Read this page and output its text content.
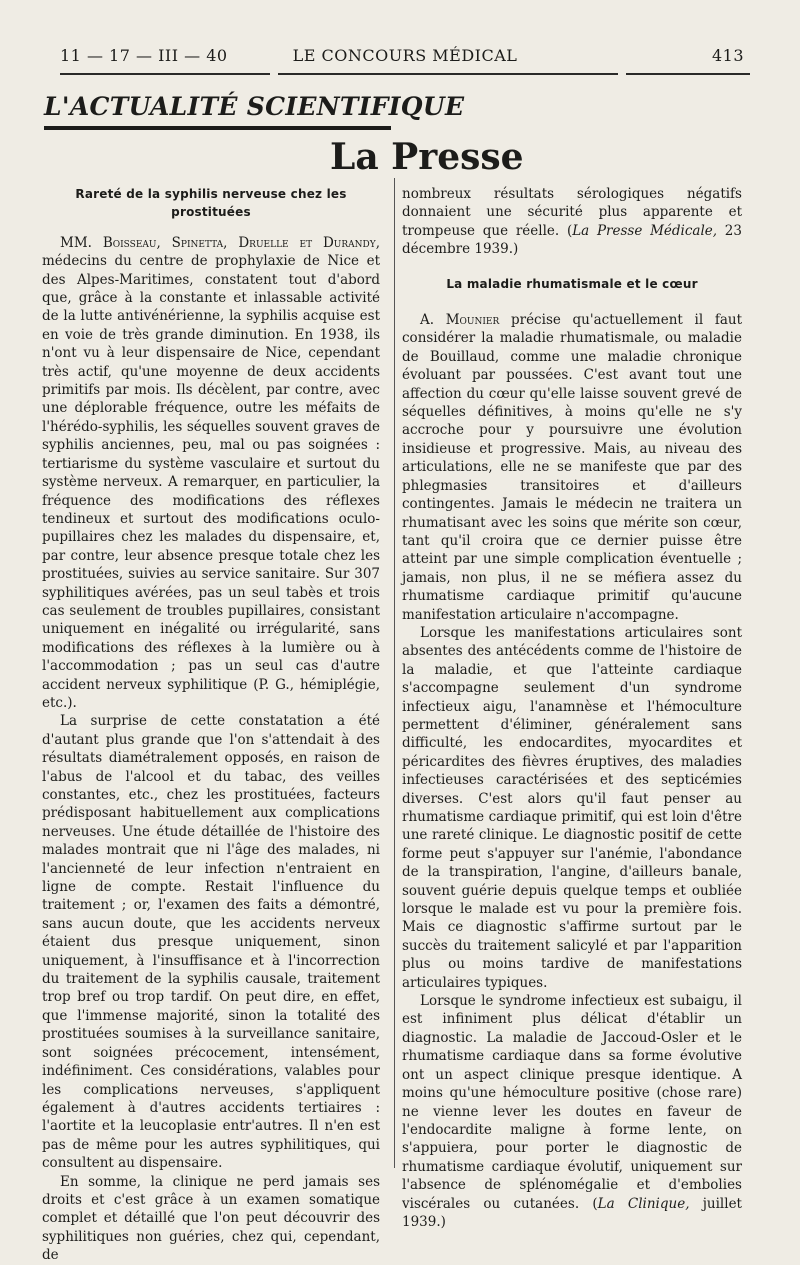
11 — 17 — III — 40	LE CONCOURS MÉDICAL	413
L'ACTUALITÉ SCIENTIFIQUE
La Presse
Rareté de la syphilis nerveuse chez les prostituées

MM. Boisseau, Spinetta, Druelle et Durandy, médecins du centre de prophylaxie de Nice et des Alpes-Maritimes, constatent tout d'abord que, grâce à la constante et inlassable activité de la lutte antivénérienne, la syphilis acquise est en voie de très grande diminution. En 1938, ils n'ont vu à leur dispensaire de Nice, cependant très actif, qu'une moyenne de deux accidents primitifs par mois. Ils décèlent, par contre, avec une déplorable fréquence, outre les méfaits de l'hérédo-syphilis, les séquelles souvent graves de syphilis anciennes, peu, mal ou pas soignées : tertiarisme du système vasculaire et surtout du système nerveux. A remarquer, en particulier, la fréquence des modifications des réflexes tendineux et surtout des modifications oculo-pupillaires chez les malades du dispensaire, et, par contre, leur absence presque totale chez les prostituées, suivies au service sanitaire. Sur 307 syphilitiques avérées, pas un seul tabès et trois cas seulement de troubles pupillaires, consistant uniquement en inégalité ou irrégularité, sans modifications des réflexes à la lumière ou à l'accommodation ; pas un seul cas d'autre accident nerveux syphilitique (P. G., hémiplégie, etc.).

La surprise de cette constatation a été d'autant plus grande que l'on s'attendait à des résultats diamétralement opposés, en raison de l'abus de l'alcool et du tabac, des veilles constantes, etc., chez les prostituées, facteurs prédisposant habituellement aux complications nerveuses. Une étude détaillée de l'histoire des malades montrait que ni l'âge des malades, ni l'ancienneté de leur infection n'entraient en ligne de compte. Restait l'influence du traitement ; or, l'examen des faits a démontré, sans aucun doute, que les accidents nerveux étaient dus presque uniquement, sinon uniquement, à l'insuffisance et à l'incorrection du traitement de la syphilis causale, traitement trop bref ou trop tardif. On peut dire, en effet, que l'immense majorité, sinon la totalité des prostituées soumises à la surveillance sanitaire, sont soignées précocement, intensément, indéfiniment. Ces considérations, valables pour les complications nerveuses, s'appliquent également à d'autres accidents tertiaires : l'aortite et la leucoplasie entr'autres. Il n'en est pas de même pour les autres syphilitiques, qui consultent au dispensaire.

En somme, la clinique ne perd jamais ses droits et c'est grâce à un examen somatique complet et détaillé que l'on peut découvrir des syphilitiques non guéries, chez qui, cependant, de

nombreux résultats sérologiques négatifs donnaient une sécurité plus apparente et trompeuse que réelle. (La Presse Médicale, 23 décembre 1939.)

La maladie rhumatismale et le cœur

A. Mounier précise qu'actuellement il faut considérer la maladie rhumatismale, ou maladie de Bouillaud, comme une maladie chronique évoluant par poussées. C'est avant tout une affection du cœur qu'elle laisse souvent grevé de séquelles définitives, à moins qu'elle ne s'y accroche pour y poursuivre une évolution insidieuse et progressive. Mais, au niveau des articulations, elle ne se manifeste que par des phlegmasies transitoires et d'ailleurs contingentes. Jamais le médecin ne traitera un rhumatisant avec les soins que mérite son cœur, tant qu'il croira que ce dernier puisse être atteint par une simple complication éventuelle ; jamais, non plus, il ne se méfiera assez du rhumatisme cardiaque primitif qu'aucune manifestation articulaire n'accompagne.

Lorsque les manifestations articulaires sont absentes des antécédents comme de l'histoire de la maladie, et que l'atteinte cardiaque s'accompagne seulement d'un syndrome infectieux aigu, l'anamnèse et l'hémoculture permettent d'éliminer, généralement sans difficulté, les endocardites, myocardites et péricardites des fièvres éruptives, des maladies infectieuses caractérisées et des septicémies diverses. C'est alors qu'il faut penser au rhumatisme cardiaque primitif, qui est loin d'être une rareté clinique. Le diagnostic positif de cette forme peut s'appuyer sur l'anémie, l'abondance de la transpiration, l'angine, d'ailleurs banale, souvent guérie depuis quelque temps et oubliée lorsque le malade est vu pour la première fois. Mais ce diagnostic s'affirme surtout par le succès du traitement salicylé et par l'apparition plus ou moins tardive de manifestations articulaires typiques.

Lorsque le syndrome infectieux est subaigu, il est infiniment plus délicat d'établir un diagnostic. La maladie de Jaccoud-Osler et le rhumatisme cardiaque dans sa forme évolutive ont un aspect clinique presque identique. A moins qu'une hémoculture positive (chose rare) ne vienne lever les doutes en faveur de l'endocardite maligne à forme lente, on s'appuiera, pour porter le diagnostic de rhumatisme cardiaque évolutif, uniquement sur l'absence de splénomégalie et d'embolies viscérales ou cutanées. (La Clinique, juillet 1939.)
